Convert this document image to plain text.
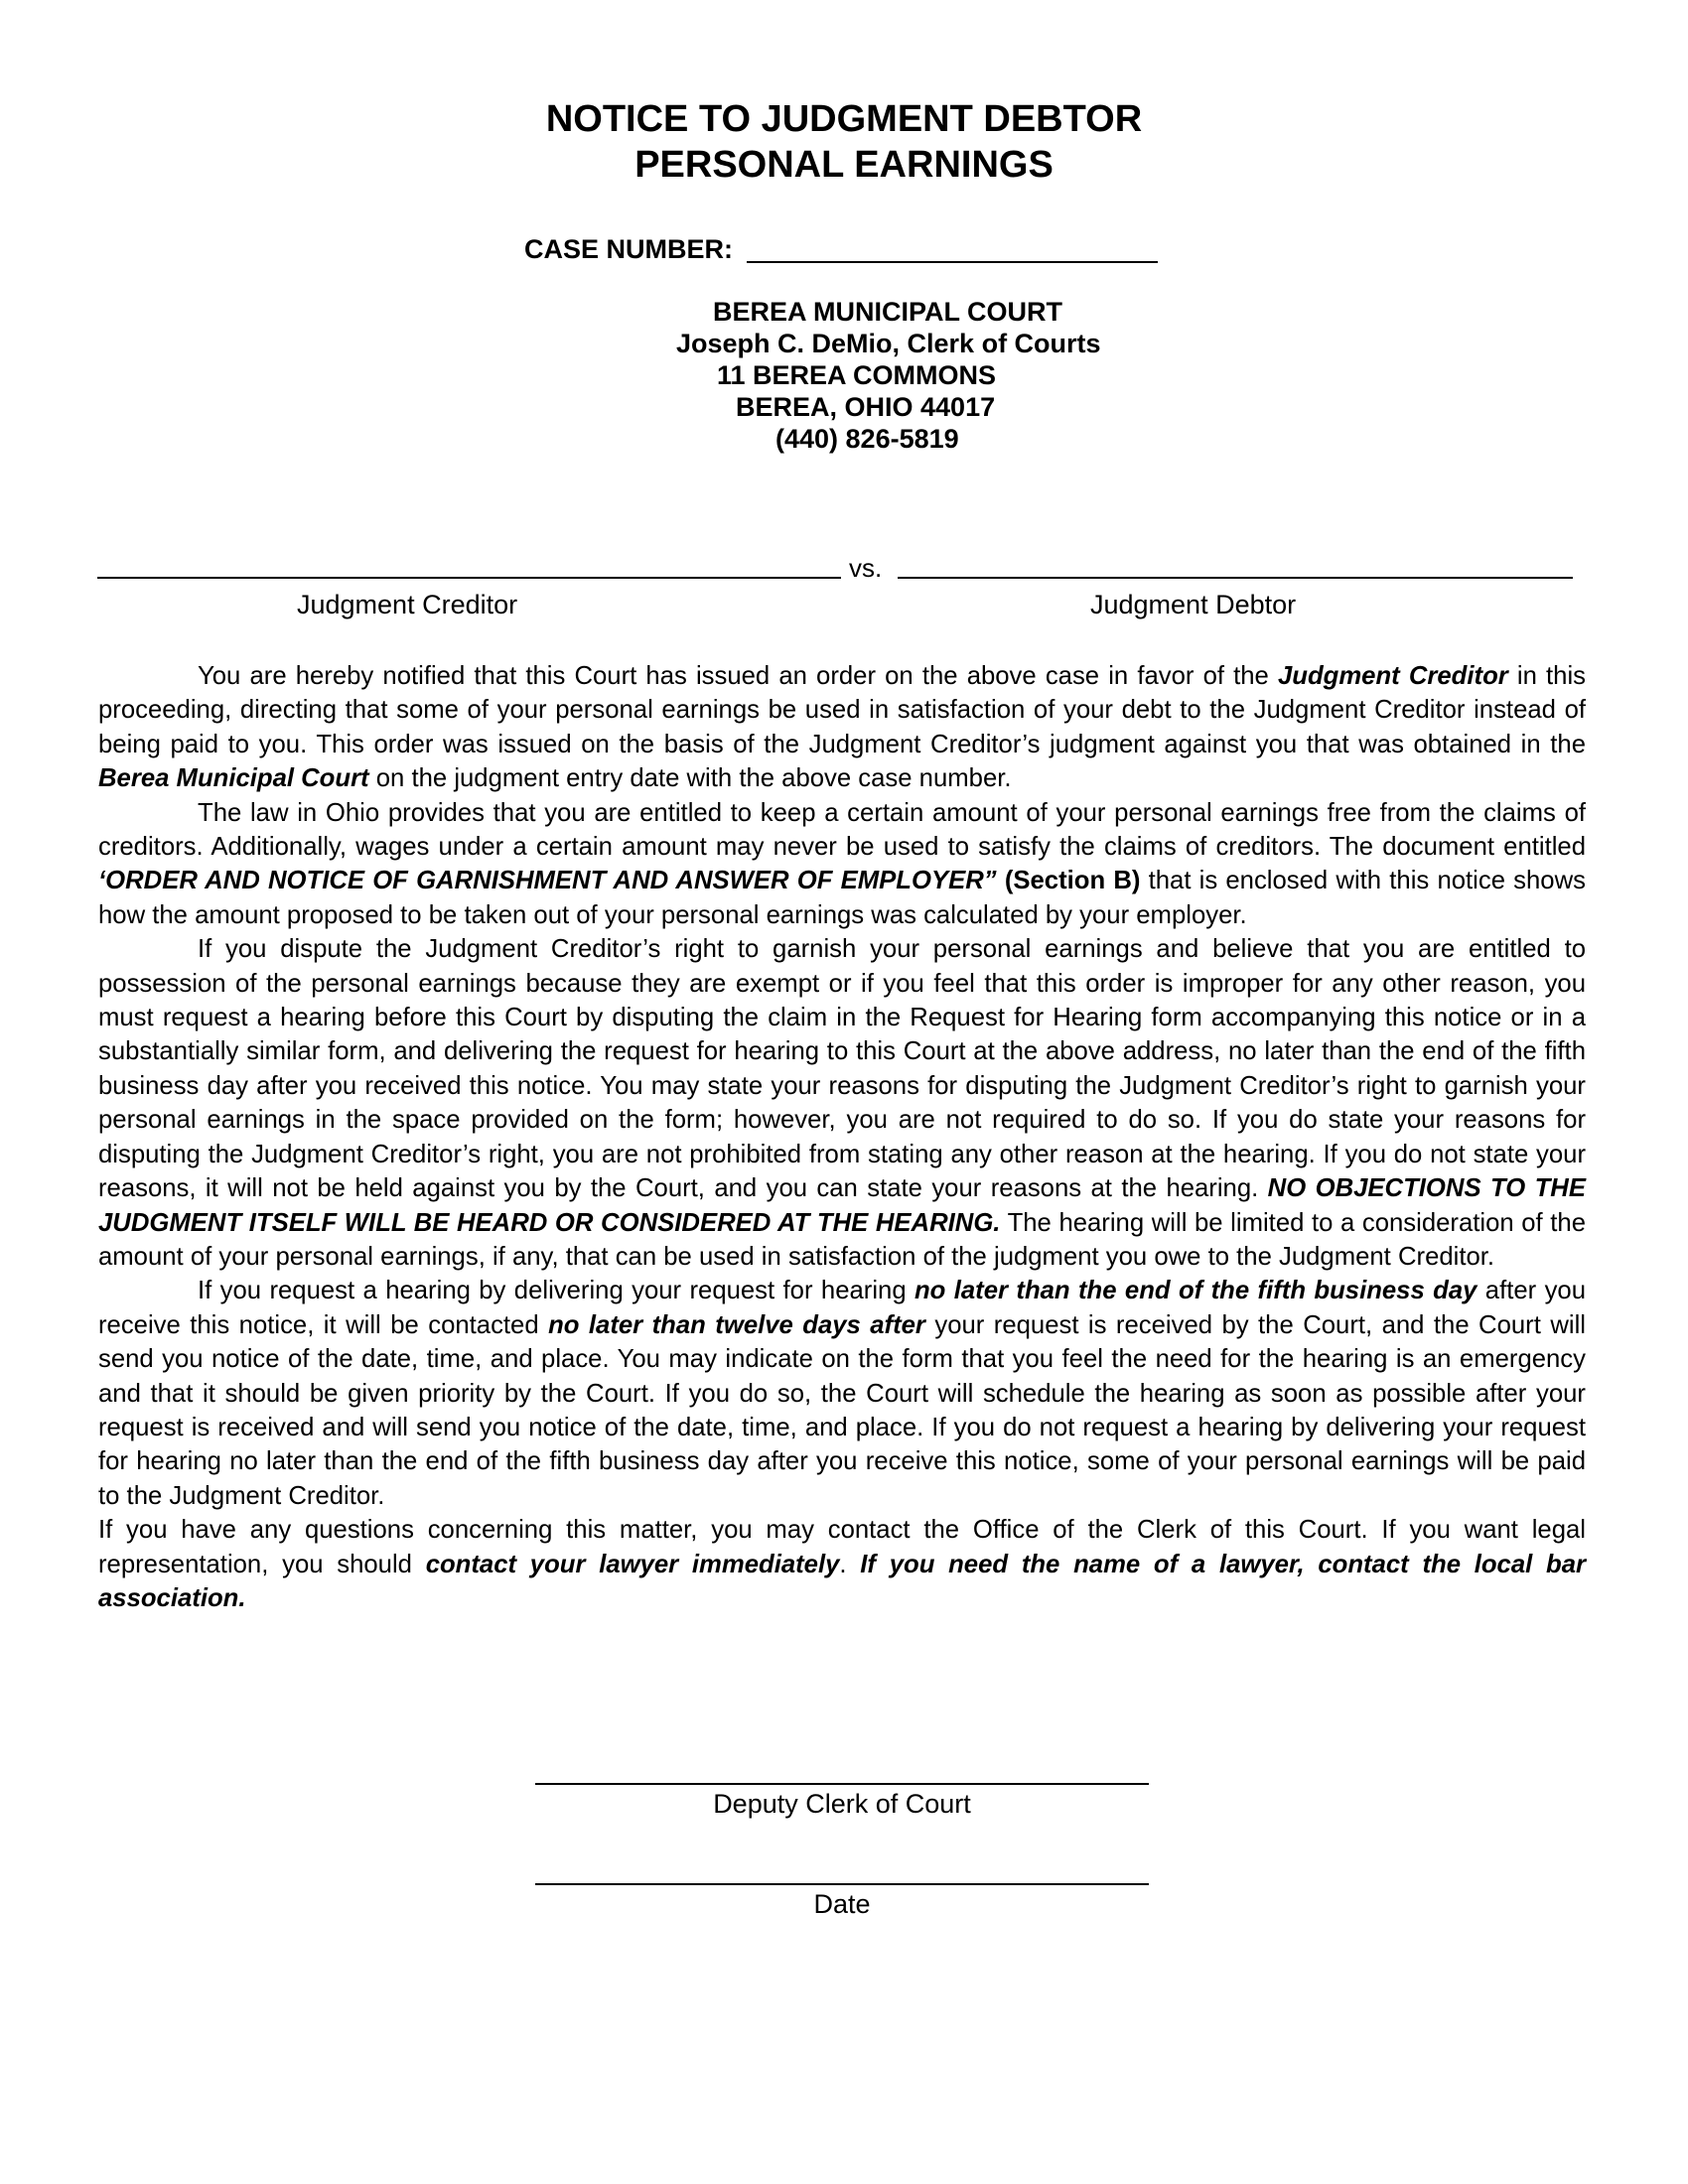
NOTICE TO JUDGMENT DEBTOR
PERSONAL EARNINGS
CASE NUMBER:
BEREA MUNICIPAL COURT
Joseph C. DeMio, Clerk of Courts
11 BEREA COMMONS
BEREA, OHIO 44017
(440) 826-5819
vs.
Judgment Creditor	Judgment Debtor

You are hereby notified that this Court has issued an order on the above case in favor of the Judgment Creditor in this proceeding, directing that some of your personal earnings be used in satisfaction of your debt to the Judgment Creditor instead of being paid to you. This order was issued on the basis of the Judgment Creditor’s judgment against you that was obtained in the Berea Municipal Court on the judgment entry date with the above case number.

The law in Ohio provides that you are entitled to keep a certain amount of your personal earnings free from the claims of creditors. Additionally, wages under a certain amount may never be used to satisfy the claims of creditors. The document entitled ‘ORDER AND NOTICE OF GARNISHMENT AND ANSWER OF EMPLOYER” (Section B) that is enclosed with this notice shows how the amount proposed to be taken out of your personal earnings was calculated by your employer.

If you dispute the Judgment Creditor’s right to garnish your personal earnings and believe that you are entitled to possession of the personal earnings because they are exempt or if you feel that this order is improper for any other reason, you must request a hearing before this Court by disputing the claim in the Request for Hearing form accompanying this notice or in a substantially similar form, and delivering the request for hearing to this Court at the above address, no later than the end of the fifth business day after you received this notice. You may state your reasons for disputing the Judgment Creditor’s right to garnish your personal earnings in the space provided on the form; however, you are not required to do so. If you do state your reasons for disputing the Judgment Creditor’s right, you are not prohibited from stating any other reason at the hearing. If you do not state your reasons, it will not be held against you by the Court, and you can state your reasons at the hearing. NO OBJECTIONS TO THE JUDGMENT ITSELF WILL BE HEARD OR CONSIDERED AT THE HEARING. The hearing will be limited to a consideration of the amount of your personal earnings, if any, that can be used in satisfaction of the judgment you owe to the Judgment Creditor.

If you request a hearing by delivering your request for hearing no later than the end of the fifth business day after you receive this notice, it will be contacted no later than twelve days after your request is received by the Court, and the Court will send you notice of the date, time, and place. You may indicate on the form that you feel the need for the hearing is an emergency and that it should be given priority by the Court. If you do so, the Court will schedule the hearing as soon as possible after your request is received and will send you notice of the date, time, and place. If you do not request a hearing by delivering your request for hearing no later than the end of the fifth business day after you receive this notice, some of your personal earnings will be paid to the Judgment Creditor.

If you have any questions concerning this matter, you may contact the Office of the Clerk of this Court. If you want legal representation, you should contact your lawyer immediately. If you need the name of a lawyer, contact the local bar association.

Deputy Clerk of Court
Date
